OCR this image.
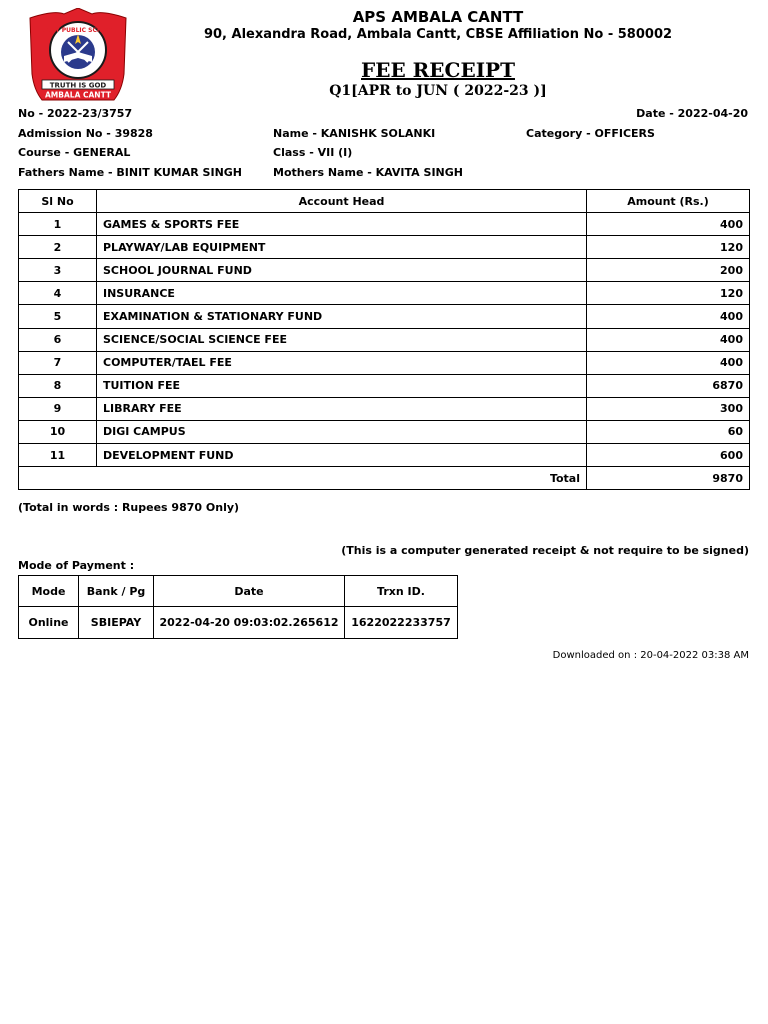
ARMY PUBLIC SCHOOL
TRUTH IS GOD
AMBALA CANTT
APS AMBALA CANTT
90, Alexandra Road, Ambala Cantt, CBSE Affiliation No - 580002
FEE RECEIPT
Q1[APR to JUN ( 2022-23 )]
No - 2022-23/3757	Date - 2022-04-20
Admission No - 39828	Name - KANISHK SOLANKI	Category - OFFICERS
Course - GENERAL	Class - VII (I)
Fathers Name - BINIT KUMAR SINGH	Mothers Name - KAVITA SINGH
Sl No	Account Head	Amount (Rs.)
1	GAMES & SPORTS FEE	400
2	PLAYWAY/LAB EQUIPMENT	120
3	SCHOOL JOURNAL FUND	200
4	INSURANCE	120
5	EXAMINATION & STATIONARY FUND	400
6	SCIENCE/SOCIAL SCIENCE FEE	400
7	COMPUTER/TAEL FEE	400
8	TUITION FEE	6870
9	LIBRARY FEE	300
10	DIGI CAMPUS	60
11	DEVELOPMENT FUND	600
Total		9870
(Total in words : Rupees 9870 Only)
(This is a computer generated receipt & not require to be signed)
Mode of Payment :
Mode	Bank / Pg	Date	Trxn ID.
Online	SBIEPAY	2022-04-20 09:03:02.265612	1622022233757
Downloaded on : 20-04-2022 03:38 AM
